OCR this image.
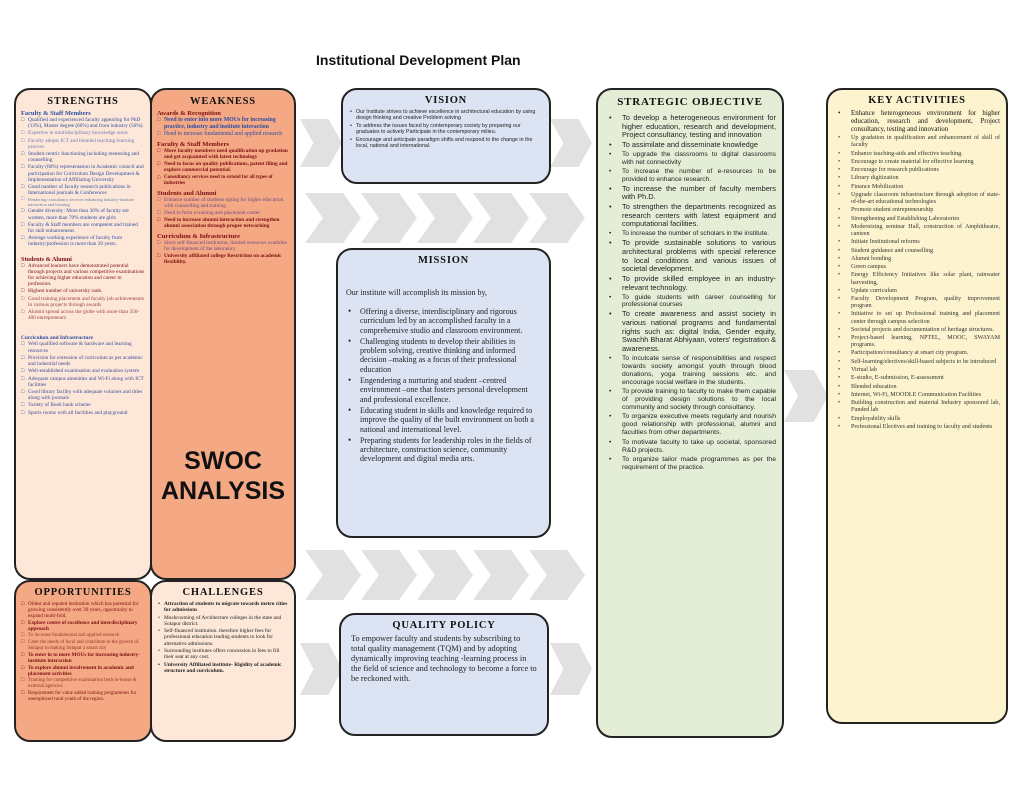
Institutional Development Plan
STRENGTHS
Faculty & Staff Members
□ Qualified and experienced faculty appearing for PhD (13%), Master degree (66%) and from industry (50%).
□ Expertise in multidisciplinary knowledge areas
□ Faculty adopts ICT and blended teaching-learning process
□ Student centric functioning including mentoring and counselling
□ Faculty (60%) representation in Academic council and participation for Curriculum Design Development & Implementation of Affiliating University
□ Good number of faculty research publications in International journals & Conferences
□ Rendering consultancy services enhancing industry-institute interaction and learning
□ Gender diversity: More than 30% of faculty are women, more than 70% students are girls
□ Faculty & Staff members are competent and trained for skill enhancement.
□ Average working experience of faculty from industry/profession is more than 20 years.
Students & Alumni
□ Advanced learners have demonstrated potential through projects and various competitive examinations for achieving higher education and career in profession.
□ Highest number of university rank.
□ Good training placement and faculty job achievements in various projects through awards
□ Alumni spread across the globe with more than 350-400 entrepreneurs
Curriculum and Infrastructure
□ Well qualified software & hardware and learning resources
□ Provision for extension of curriculum as per academic and industrial needs
□ Well-established examination and evaluation system
□ Adequate campus amenities and Wi-Fi along with ICT facilities
□ Good library facility with adequate volumes and titles along with journals
□ Variety of Book bank scheme
□ Sports rooms with all facilities and playground
WEAKNESS
Awards & Recognition
□ Need to enter into more MOUs for increasing practice, industry and institute interaction
□ Need to increase fundamental and applied research
Faculty & Staff Members
□ More faculty members need qualification up gradation and get acquainted with latest technology
□ Need to focus on quality publications, patent filing and explore commercial potential.
□ Consultancy services need to extend for all types of industries
Students and Alumni
□ Enhance number of students opting for higher education with counselling and training
□ Need to form a training and placement center
□ Need to increase alumni interaction and strengthen alumni association through proper networking
Curriculum & Infrastructure
□ Since self-financed institution, limited resources available for development of the laboratory
□ University affiliated college Restriction on academic flexibility.
SWOC ANALYSIS
OPPORTUNITIES
□ Oldest and reputed institution which has potential for growing consistently over 30 years, opportunity to expand multi-fold.
□ Explore centre of excellence and interdisciplinary approach
□ To increase fundamental and applied research
□ Cater the needs of local and contribute to the growth of Solapur in making Solapur a smart city
□ To enter in to more MOUs for increasing industry- institute interaction
□ To explore alumni involvement in academic and placement activities
□ Training for competitive examination both in-house & external agencies
□ Requirement for value added training programmes for unemployed rural youth of the region.
CHALLENGES
• Attraction of students to migrate towards metro cities for admissions
• Mushrooming of Architecture colleges in the state and Solapur district.
• Self-financed institution. therefore higher fees for professional education leading students to look for alternative admissions.
• Surrounding institutes offers concession in fees to fill their seat at any cost.
• University Affiliated institute- Rigidity of academic structure and curriculum.
VISION
• Our Institute strives to achieve excellence in architectural education by using design thinking and creative Problem solving
• To address the issues faced by contemporary society by preparing our graduates to actively Participate in the contemporary milieu.
• Encourage and anticipate paradigm shifts and respond to the change in the local, national and international.
MISSION

Our institute will accomplish its mission by,

• Offering a diverse, interdisciplinary and rigorous curriculum led by an accomplished faculty in a comprehensive studio and classroom environment.
• Challenging students to develop their abilities in problem solving, creative thinking and informed decision –making as a focus of their professional education
• Engendering a nurturing and student –centred environment –one that fosters personal development and professional excellence.
• Educating student in skills and knowledge required to improve the quality of the built environment on both a national and international level.
• Preparing students for leadership roles in the fields of architecture, construction science, community development and digital media arts.
QUALITY POLICY

To empower faculty and students by subscribing to total quality management (TQM) and by adopting dynamically improving teaching -learning process in the field of science and technology to become a force to be reckoned with.

STRATEGIC OBJECTIVE
• To develop a heterogeneous environment for higher education, research and development, Project consultancy, testing and innovation
• To assimilate and disseminate knowledge
• To upgrade the classrooms to digital classrooms with net connectivity
• To increase the number of e-resources to be provided to enhance research.
• To increase the number of faculty members with Ph.D.
• To strengthen the departments recognized as research centers with latest equipment and computational facilities.
• To increase the number of scholars in the institute.
• To provide sustainable solutions to various architectural problems with special reference to local conditions and various issues of societal development.
• To provide skilled employee in an industry-relevant technology.
• To guide students with career counselling for professional courses
• To create awareness and assist society in various national programs and fundamental rights such as: digital India, Gender equity, Swachh Bharat Abhiyaan, voters' registration & awareness.
• To inculcate sense of responsibilities and respect towards society amongst youth through blood donations, yoga training sessions etc. and encourage social welfare in the students.
• To provide training to faculty to make them capable of providing design solutions to the local community and society through consultancy.
• To organize executive meets regularly and nourish good relationship with professional, alumni and faculties from other departments.
• To motivate faculty to take up societal, sponsored R&D projects.
• To organize tailor made programmes as per the requirement of the practice.
KEY ACTIVITIES
• Enhance heterogeneous environment for higher education, research and development, Project consultancy, testing and innovation
• Up gradation in qualification and enhancement of skill of faculty
• Enhance teaching-aids and effective teaching.
• Encourage to create material for effective learning
• Encourage for research publications
• Library digitization
• Finance Mobilization
• Upgrade classroom infrastructure through adoption of state-of-the-art educational technologies
• Promote student entrepreneurship
• Strengthening and Establishing Laboratories
• Modernizing seminar Hall, construction of Amphitheatre, canteen
• Initiate Institutional reforms
• Student guidance and counselling
• Alumni bonding
• Green campus
• Energy Efficiency Initiatives like solar plant, rainwater harvesting,
• Update curriculum
• Faculty Development Program, quality improvement program
• Initiative to set up Professional training and placement center through campus selection
• Societal projects and documentation of heritage structures.
• Project-based learning, NPTEL, MOOC, SWAYAM programs.
• Participation/consultancy at smart city program.
• Self-learning/electives/skill-based subjects to be introduced
• Virtual lab
• E-studio, E-submission, E-assessment
• Blended education
• Internet, Wi-Fi, MOODLE Communication Facilities
• Building construction and material Industry sponsored lab, Funded lab
• Employability skills
• Professional Electives and training to faculty and students
